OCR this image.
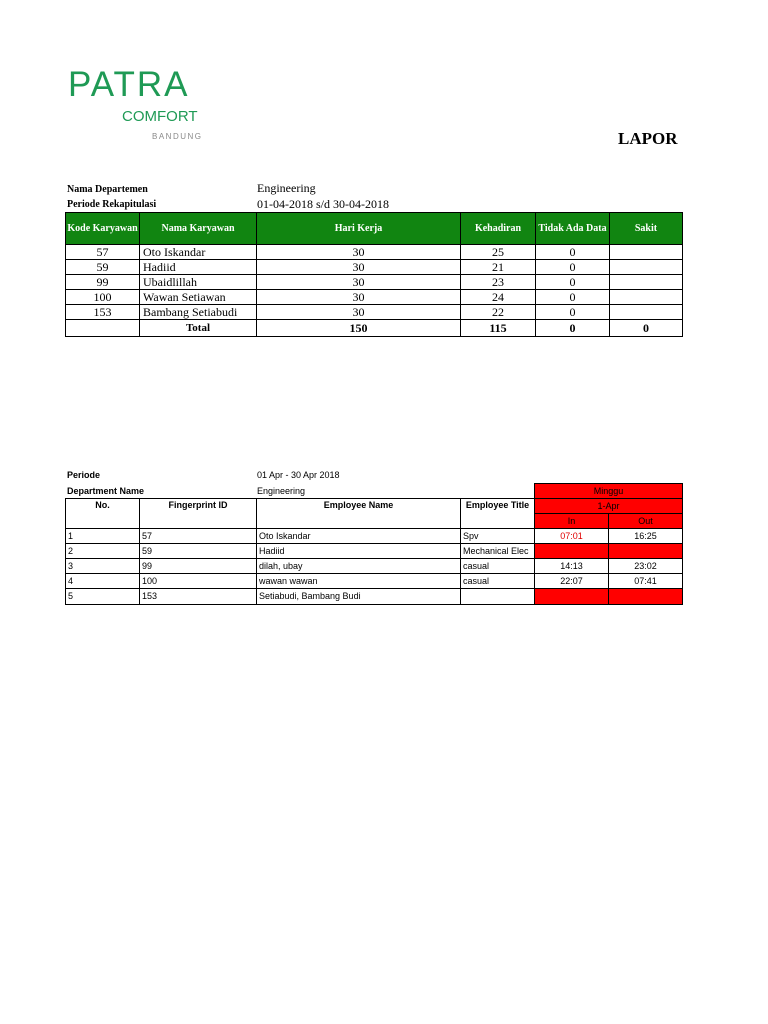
PATRA
COMFORT
BANDUNG	LAPOR
Nama Departemen	Engineering
Periode Rekapitulasi	01-04-2018 s/d 30-04-2018
Kode Karyawan	Nama Karyawan	Hari Kerja	Kehadiran	Tidak Ada Data	Sakit
57	Oto Iskandar	30	25	0	
59	Hadiid	30	21	0	
99	Ubaidlillah	30	23	0	
100	Wawan Setiawan	30	24	0	
153	Bambang Setiabudi	30	22	0	
	Total	150	115	0	0
Periode	01 Apr - 30 Apr 2018
Department Name	Engineering
					Minggu	
No.	Fingerprint ID	Employee Name	Employee Title	1-Apr	
				In	Out
1	57	Oto Iskandar	Spv	07:01	16:25
2	59	Hadiid	Mechanical Elec		
3	99	dilah, ubay	casual	14:13	23:02
4	100	wawan wawan	casual	22:07	07:41
5	153	Setiabudi, Bambang Budi			
